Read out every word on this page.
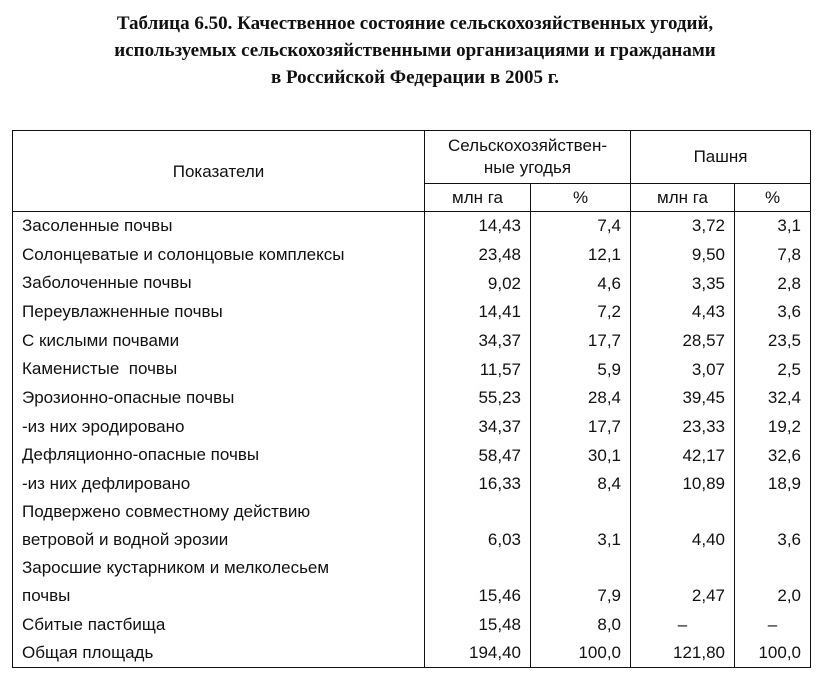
Таблица 6.50. Качественное состояние сельскохозяйственных угодий,
используемых сельскохозяйственными организациями и гражданами
в Российской Федерации в 2005 г.
Показатели	Сельскохозяйствен-
ные угодья		Пашня	
	млн га	%	млн га	%
Засоленные почвы	14,43	7,4	3,72	3,1
Солонцеватые и солонцовые комплексы	23,48	12,1	9,50	7,8
Заболоченные почвы	9,02	4,6	3,35	2,8
Переувлажненные почвы	14,41	7,2	4,43	3,6
С кислыми почвами	34,37	17,7	28,57	23,5
Каменистые  почвы	11,57	5,9	3,07	2,5
Эрозионно-опасные почвы	55,23	28,4	39,45	32,4
-из них эродировано	34,37	17,7	23,33	19,2
Дефляционно-опасные почвы	58,47	30,1	42,17	32,6
-из них дефлировано	16,33	8,4	10,89	18,9

Подвержено совместному действию
ветровой и водной эрозии	6,03	3,1	4,40	3,6

Заросшие кустарником и мелколесьем
почвы	15,46	7,9	2,47	2,0
Сбитые пастбища	15,48	8,0	–	–
Общая площадь	194,40	100,0	121,80	100,0
